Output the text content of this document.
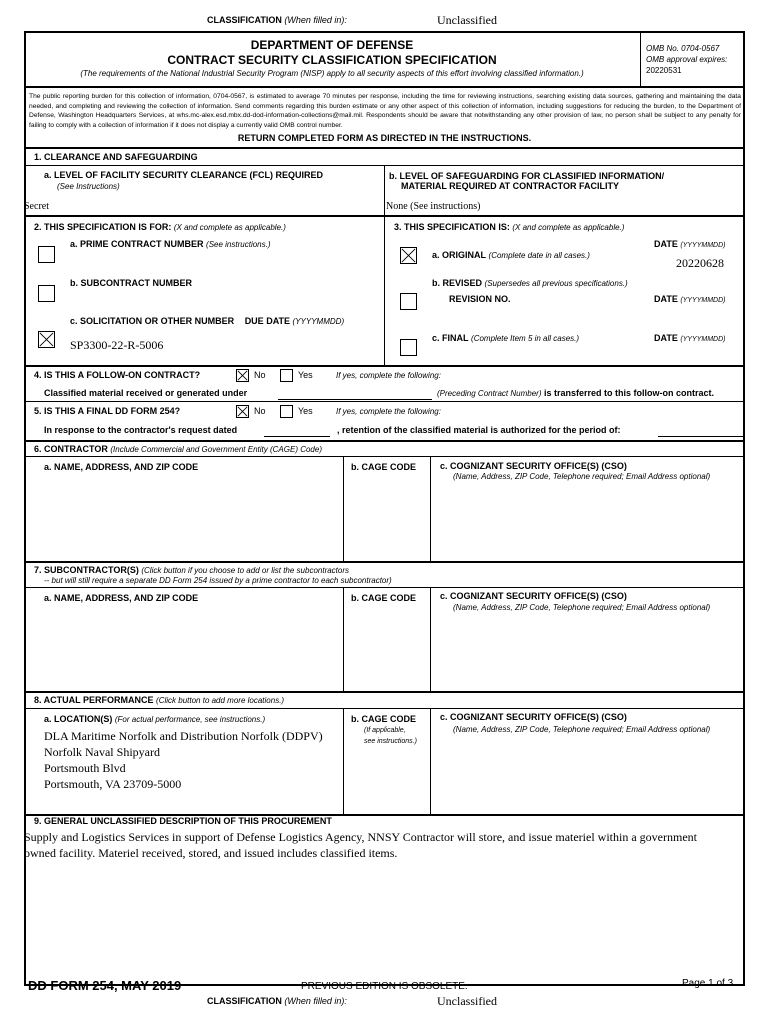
CLASSIFICATION (When filled in):	Unclassified
DEPARTMENT OF DEFENSE
CONTRACT SECURITY CLASSIFICATION SPECIFICATION
(The requirements of the National Industrial Security Program (NISP) apply to all security aspects of this effort involving classified information.)
OMB No. 0704-0567
OMB approval expires:
20220531
The public reporting burden for this collection of information, 0704-0567, is estimated to average 70 minutes per response, including the time for reviewing instructions, searching existing data sources, gathering and maintaining the data needed, and completing and reviewing the collection of information. Send comments regarding this burden estimate or any other aspect of this collection of information, including suggestions for reducing the burden, to the Department of Defense, Washington Headquarters Services, at whs.mc-alex.esd.mbx.dd-dod-information-collections@mail.mil. Respondents should be aware that notwithstanding any other provision of law, no person shall be subject to any penalty for failing to comply with a collection of information if it does not display a currently valid OMB control number.
RETURN COMPLETED FORM AS DIRECTED IN THE INSTRUCTIONS.
1. CLEARANCE AND SAFEGUARDING
a. LEVEL OF FACILITY SECURITY CLEARANCE (FCL) REQUIRED
(See Instructions)
Secret
b. LEVEL OF SAFEGUARDING FOR CLASSIFIED INFORMATION/
MATERIAL REQUIRED AT CONTRACTOR FACILITY
None (See instructions)
2. THIS SPECIFICATION IS FOR: (X and complete as applicable.)
a. PRIME CONTRACT NUMBER (See instructions.)
b. SUBCONTRACT NUMBER
c. SOLICITATION OR OTHER NUMBER DUE DATE (YYYYMMDD)
SP3300-22-R-5006
3. THIS SPECIFICATION IS: (X and complete as applicable.)
DATE (YYYYMMDD)
a. ORIGINAL (Complete date in all cases.)
20220628
b. REVISED (Supersedes all previous specifications.)
REVISION NO.	DATE (YYYYMMDD)
c. FINAL (Complete Item 5 in all cases.)	DATE (YYYYMMDD)
4. IS THIS A FOLLOW-ON CONTRACT?	No	Yes	If yes, complete the following:
Classified material received or generated under	(Preceding Contract Number) is transferred to this follow-on contract.
5. IS THIS A FINAL DD FORM 254?	No	Yes	If yes, complete the following:
In response to the contractor's request dated	, retention of the classified material is authorized for the period of:
6. CONTRACTOR (Include Commercial and Government Entity (CAGE) Code)
a. NAME, ADDRESS, AND ZIP CODE	b. CAGE CODE	c. COGNIZANT SECURITY OFFICE(S) (CSO)
(Name, Address, ZIP Code, Telephone required; Email Address optional)
7. SUBCONTRACTOR(S) (Click button if you choose to add or list the subcontractors
-- but will still require a separate DD Form 254 issued by a prime contractor to each subcontractor)
a. NAME, ADDRESS, AND ZIP CODE	b. CAGE CODE	c. COGNIZANT SECURITY OFFICE(S) (CSO)
(Name, Address, ZIP Code, Telephone required; Email Address optional)
8. ACTUAL PERFORMANCE (Click button to add more locations.)
a. LOCATION(S) (For actual performance, see instructions.)
DLA Maritime Norfolk and Distribution Norfolk (DDPV)
Norfolk Naval Shipyard
Portsmouth Blvd
Portsmouth, VA 23709-5000
b. CAGE CODE
(If applicable,
see instructions.)
c. COGNIZANT SECURITY OFFICE(S) (CSO)
(Name, Address, ZIP Code, Telephone required; Email Address optional)
9. GENERAL UNCLASSIFIED DESCRIPTION OF THIS PROCUREMENT
Supply and Logistics Services in support of Defense Logistics Agency, NNSY Contractor will store, and issue materiel within a government
owned facility. Materiel received, stored, and issued includes classified items.
DD FORM 254, MAY 2019	PREVIOUS EDITION IS OBSOLETE.	Page 1 of 3
CLASSIFICATION (When filled in):	Unclassified
